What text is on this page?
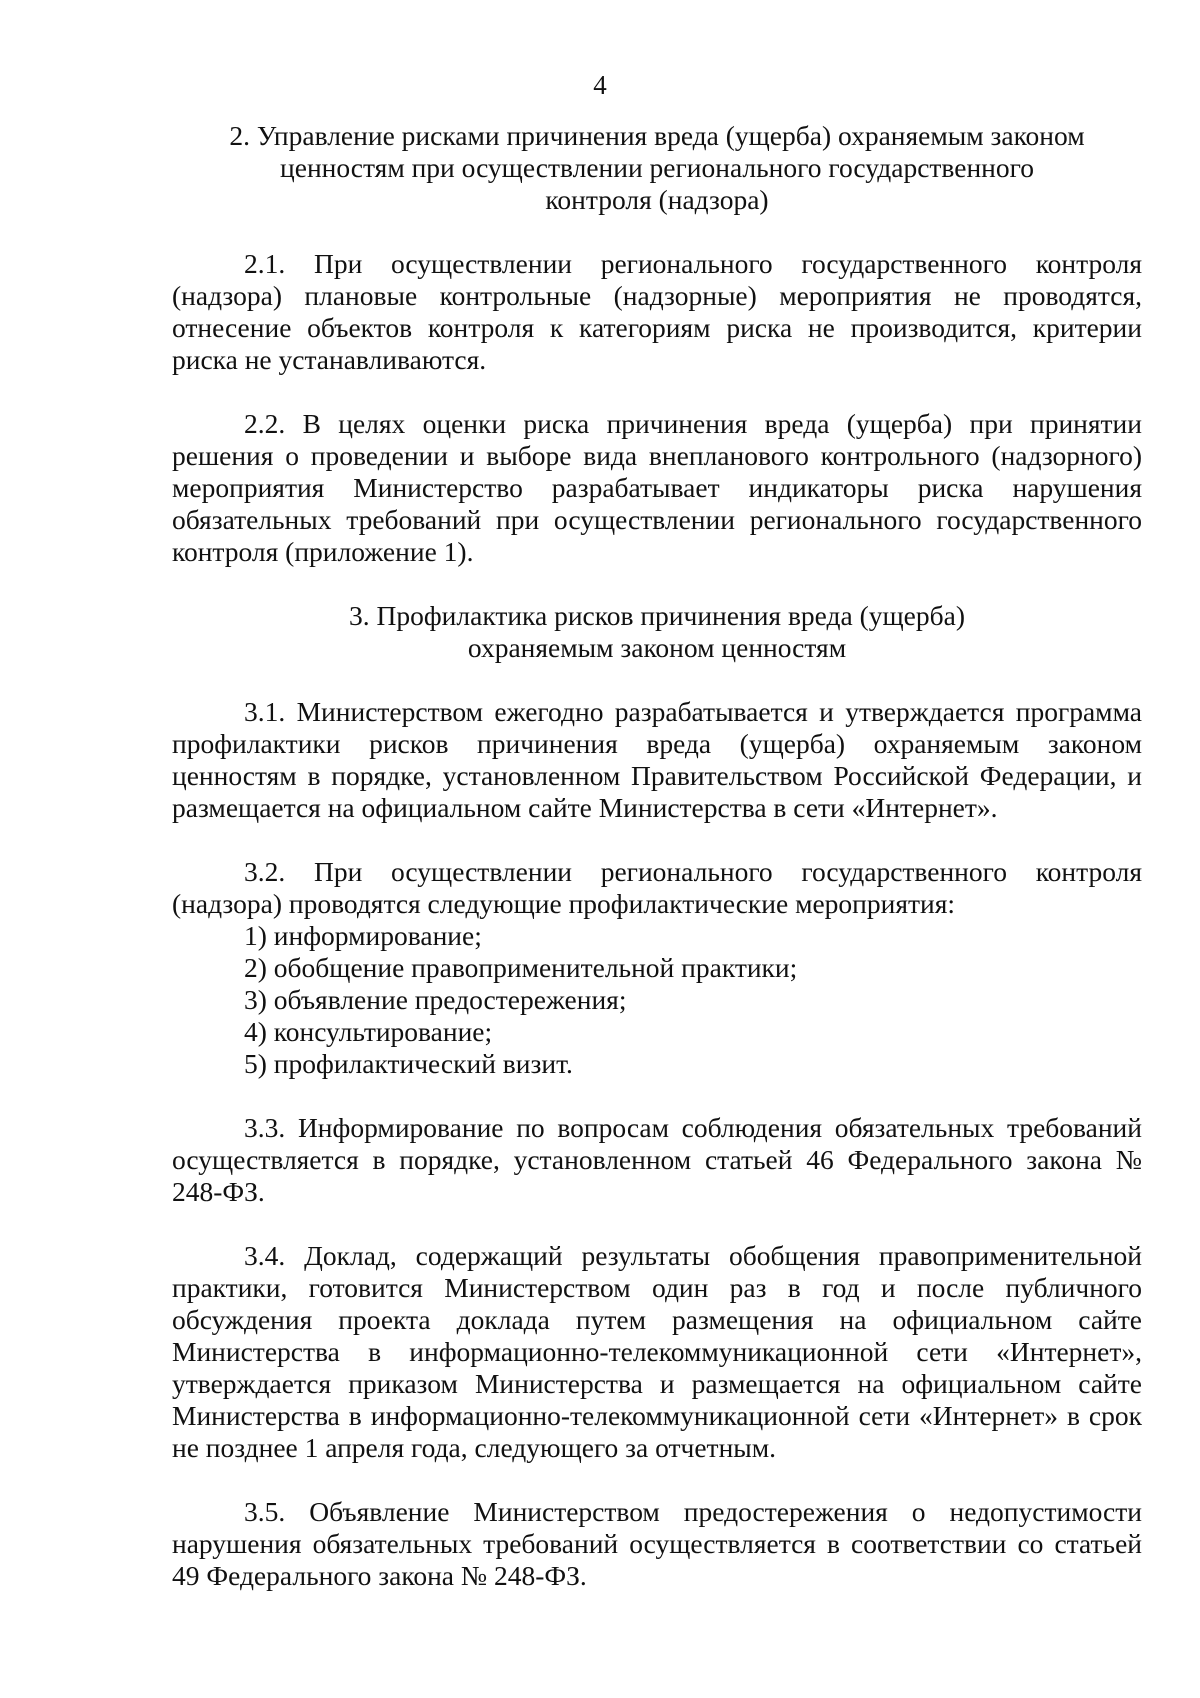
4
2. Управление рисками причинения вреда (ущерба) охраняемым законом
ценностям при осуществлении регионального государственного
контроля (надзора)

2.1. При осуществлении регионального государственного контроля (надзора) плановые контрольные (надзорные) мероприятия не проводятся, отнесение объектов контроля к категориям риска не производится, критерии риска не устанавливаются.

2.2. В целях оценки риска причинения вреда (ущерба) при принятии решения о проведении и выборе вида внепланового контрольного (надзорного) мероприятия Министерство разрабатывает индикаторы риска нарушения обязательных требований при осуществлении регионального государственного контроля (приложение 1).

3. Профилактика рисков причинения вреда (ущерба)
охраняемым законом ценностям

3.1. Министерством ежегодно разрабатывается и утверждается программа профилактики рисков причинения вреда (ущерба) охраняемым законом ценностям в порядке, установленном Правительством Российской Федерации, и размещается на официальном сайте Министерства в сети «Интернет».

3.2. При осуществлении регионального государственного контроля (надзора) проводятся следующие профилактические мероприятия:

1) информирование;

2) обобщение правоприменительной практики;

3) объявление предостережения;

4) консультирование;

5) профилактический визит.

3.3. Информирование по вопросам соблюдения обязательных требований осуществляется в порядке, установленном статьей 46 Федерального закона № 248-ФЗ.

3.4. Доклад, содержащий результаты обобщения правоприменительной практики, готовится Министерством один раз в год и после публичного обсуждения проекта доклада путем размещения на официальном сайте Министерства в информационно-телекоммуникационной сети «Интернет», утверждается приказом Министерства и размещается на официальном сайте Министерства в информационно-телекоммуникационной сети «Интернет» в срок не позднее 1 апреля года, следующего за отчетным.

3.5. Объявление Министерством предостережения о недопустимости нарушения обязательных требований осуществляется в соответствии со статьей 49 Федерального закона № 248-ФЗ.
